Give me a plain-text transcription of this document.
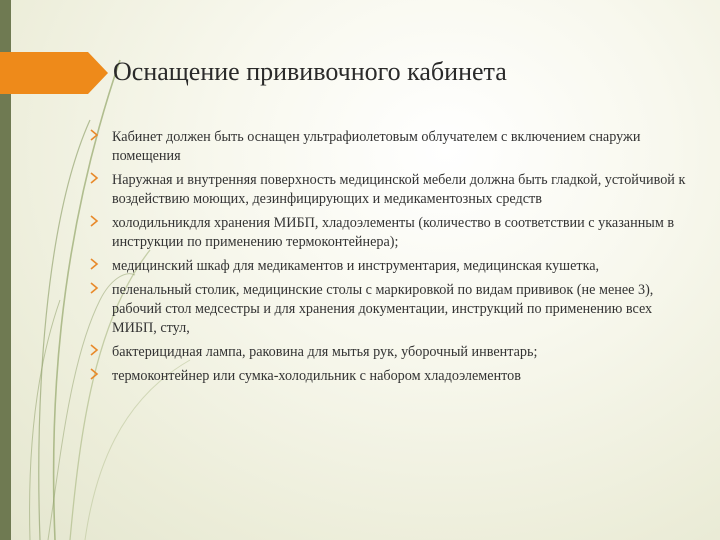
Оснащение прививочного кабинета
Кабинет должен быть оснащен ультрафиолетовым облучателем с включением снаружи помещения
Наружная и внутренняя поверхность медицинской мебели должна быть гладкой, устойчивой к воздействию моющих, дезинфицирующих и медикаментозных средств
холодильникдля хранения МИБП, хладоэлементы (количество в соответствии с указанным в инструкции по применению термоконтейнера);
медицинский шкаф для медикаментов и инструментария, медицинская кушетка,
пеленальный столик, медицинские столы с маркировкой по видам прививок (не менее 3), рабочий стол медсестры и для хранения документации, инструкций по применению всех МИБП, стул,
бактерицидная лампа, раковина для мытья рук, уборочный инвентарь;
термоконтейнер или сумка-холодильник с набором хладоэлементов
